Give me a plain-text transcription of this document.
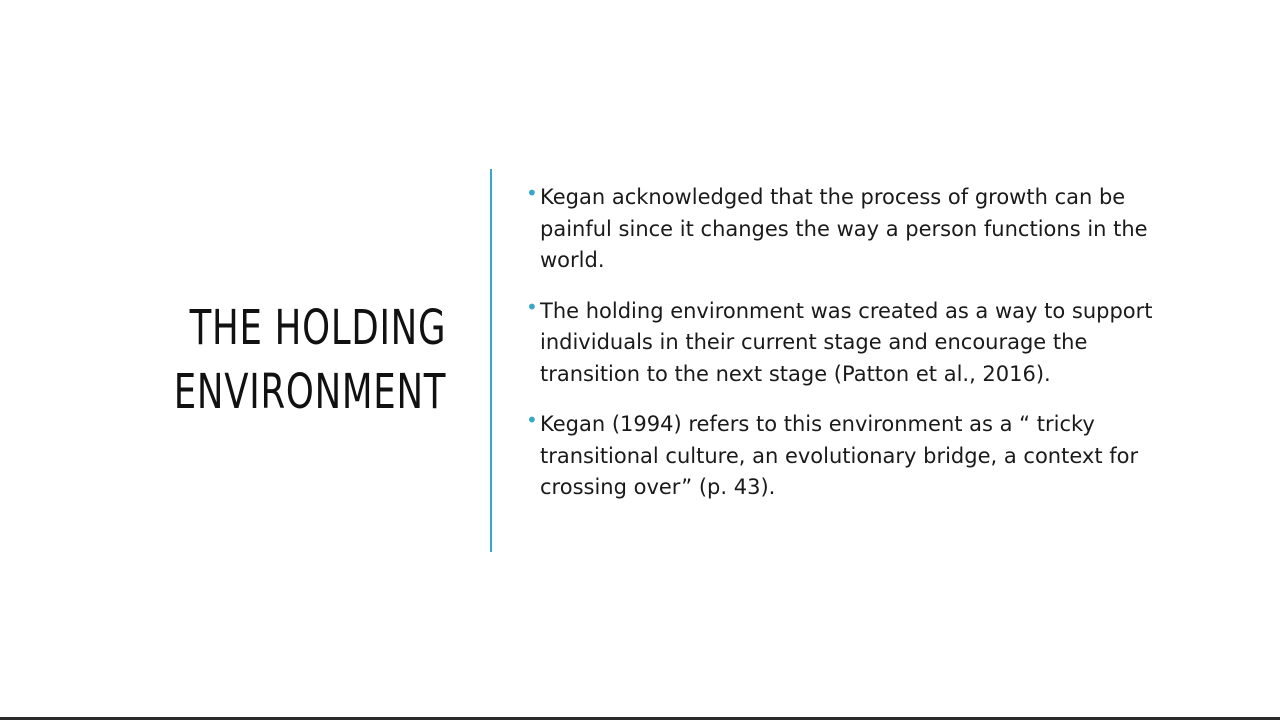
THE HOLDING
ENVIRONMENT
• Kegan acknowledged that the process of growth can be painful since it changes the way a person functions in the world.
• The holding environment was created as a way to support individuals in their current stage and encourage the transition to the next stage (Patton et al., 2016).
• Kegan (1994) refers to this environment as a “ tricky transitional culture, an evolutionary bridge, a context for crossing over” (p. 43).
